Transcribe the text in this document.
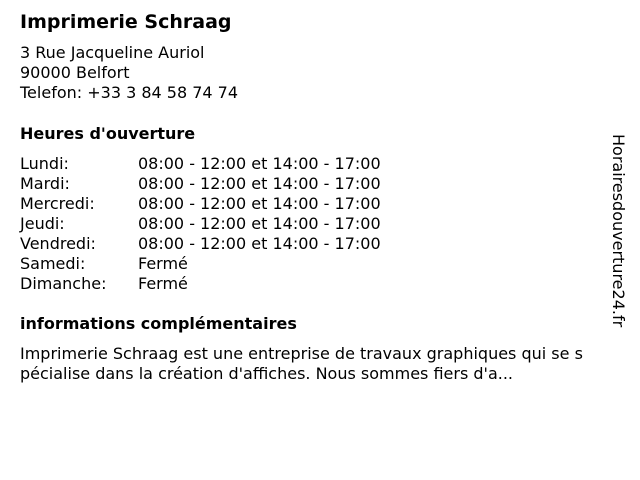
Imprimerie Schraag
3 Rue Jacqueline Auriol
90000 Belfort
Telefon: +33 3 84 58 74 74
Heures d'ouverture
Lundi:	08:00 - 12:00 et 14:00 - 17:00
Mardi:	08:00 - 12:00 et 14:00 - 17:00
Mercredi:	08:00 - 12:00 et 14:00 - 17:00
Jeudi:	08:00 - 12:00 et 14:00 - 17:00
Vendredi:	08:00 - 12:00 et 14:00 - 17:00
Samedi:	Fermé
Dimanche: Fermé
informations complémentaires
Imprimerie Schraag est une entreprise de travaux graphiques qui se s
pécialise dans la création d'affiches. Nous sommes fiers d'a...
Horairesdouverture24.fr
